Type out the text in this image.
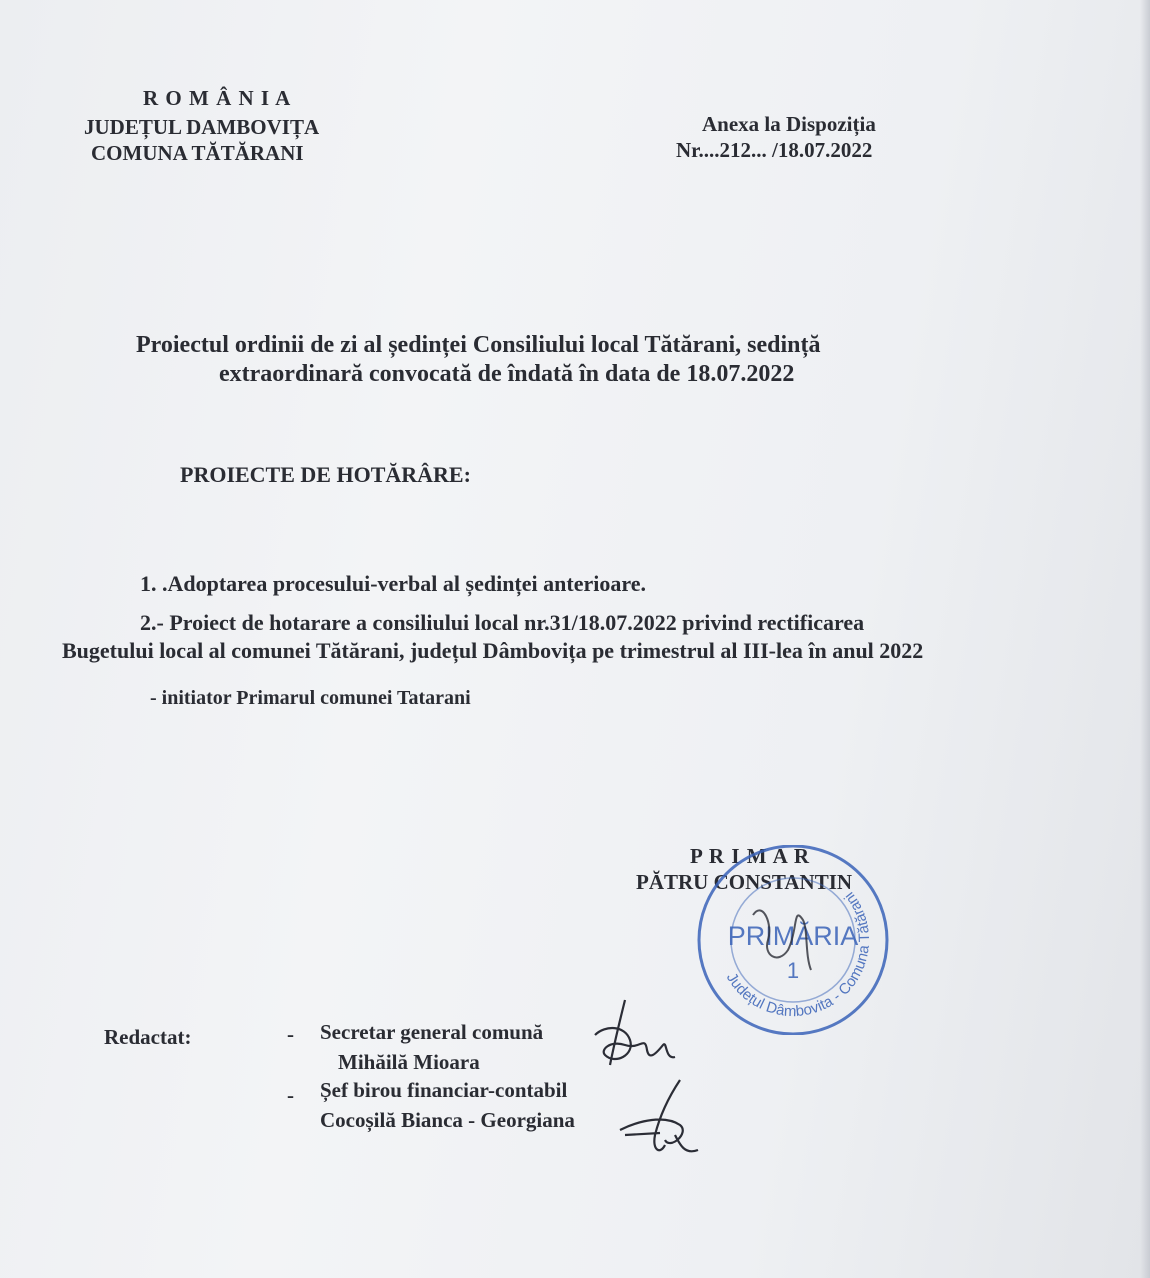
R O M Â N I A
JUDEȚUL DAMBOVIȚA
COMUNA TĂTĂRANI
Anexa la Dispoziția
Nr....212... /18.07.2022
Proiectul ordinii de zi al ședinței Consiliului local Tătărani, sedință
extraordinară convocată de îndată în data de 18.07.2022
PROIECTE DE HOTĂRÂRE:
1. .Adoptarea procesului-verbal al ședinței anterioare.
2.- Proiect de hotarare a consiliului local nr.31/18.07.2022 privind rectificarea
Bugetului local al comunei Tătărani, județul Dâmbovița pe trimestrul al III-lea în anul 2022
- initiator Primarul comunei Tatarani
P R I M A R
PĂTRU CONSTANTIN
Județul Dâmbovita - Comuna Tătărani
PRIMĂRIA
1
Redactat:	- Secretar general comună
Mihăilă Mioara
- Șef birou financiar-contabil
Cocoșilă Bianca - Georgiana
